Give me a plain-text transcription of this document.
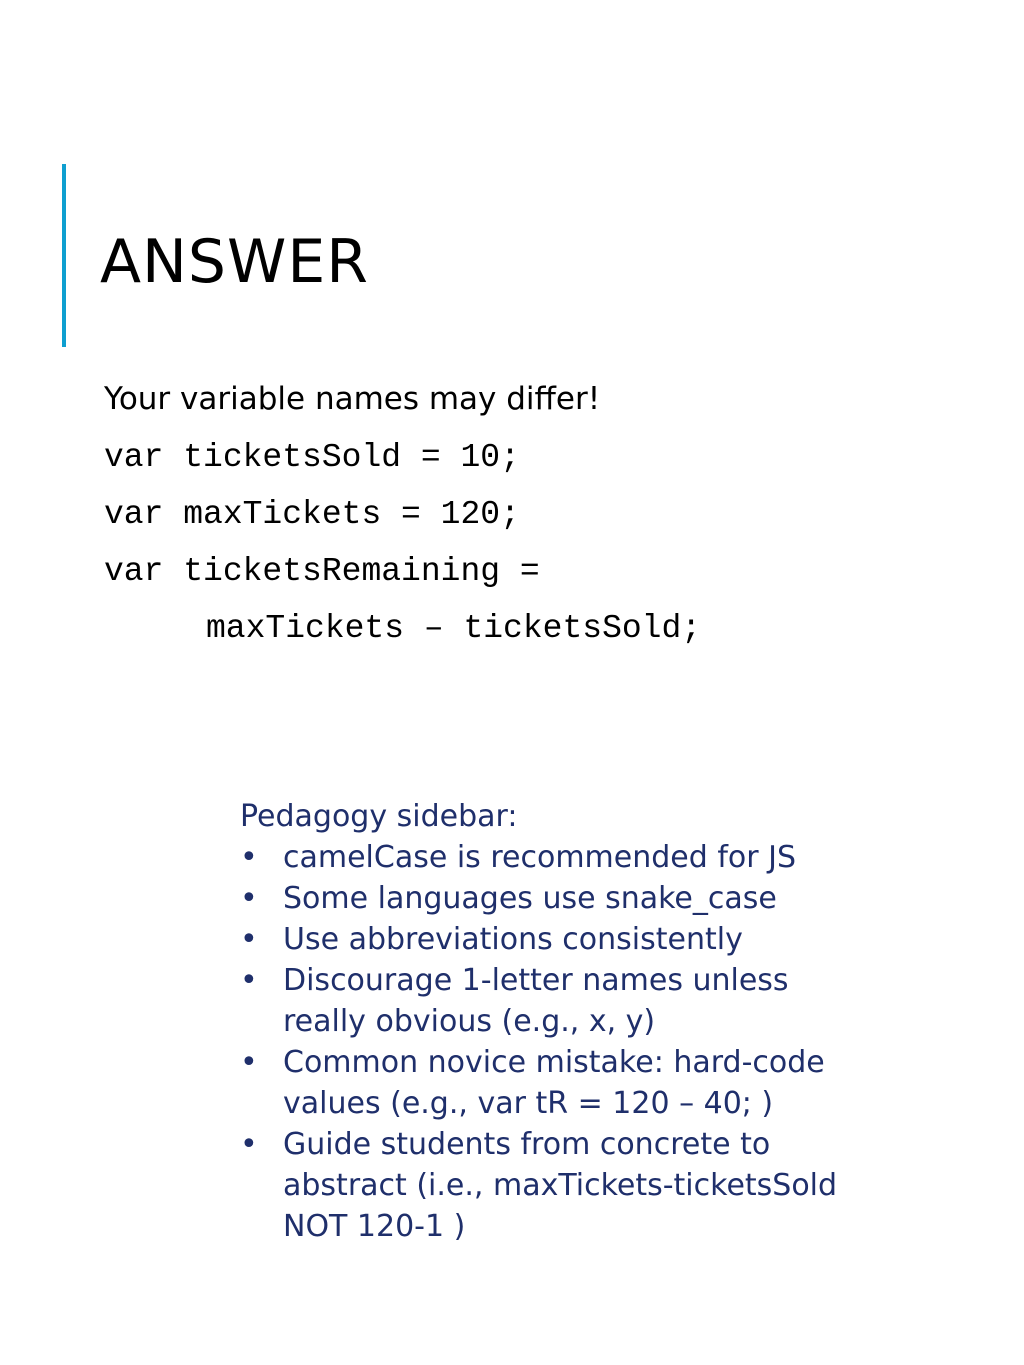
ANSWER
Your variable names may differ!
var ticketsSold = 10;
var maxTickets = 120;
var ticketsRemaining =
maxTickets – ticketsSold;
Pedagogy sidebar:
• camelCase is recommended for JS
• Some languages use snake_case
• Use abbreviations consistently
• Discourage 1-letter names unless really obvious (e.g., x, y)
• Common novice mistake: hard-code values (e.g., var tR = 120 – 40; )
• Guide students from concrete to abstract (i.e., maxTickets-ticketsSold NOT 120-1 )
